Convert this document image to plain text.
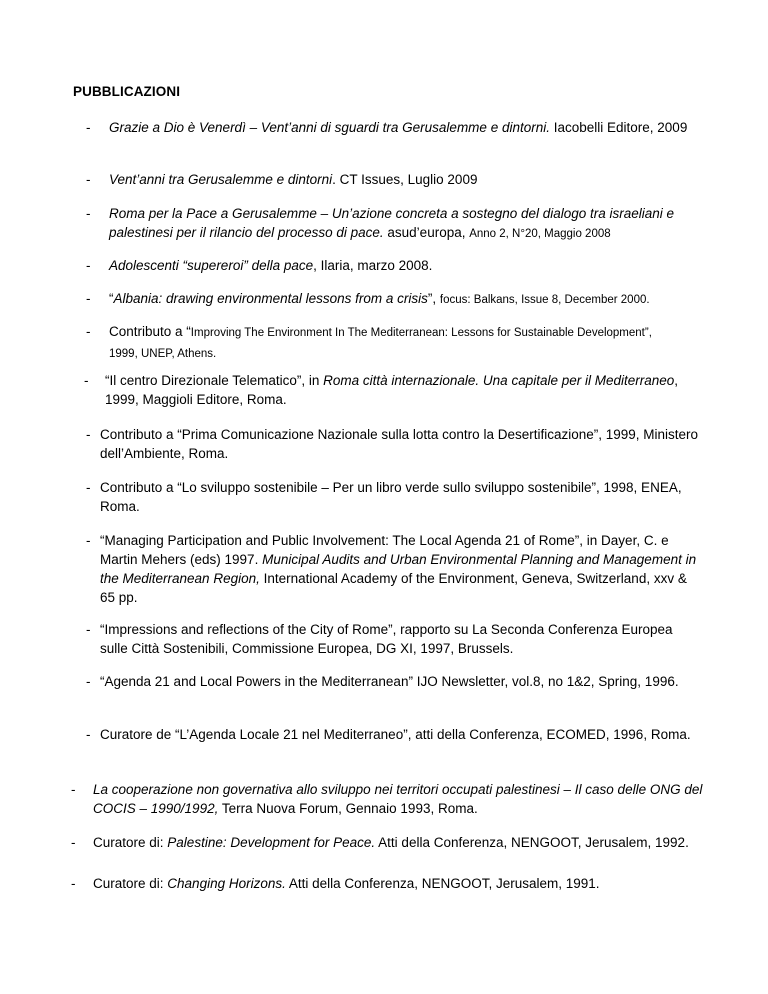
PUBBLICAZIONI
- Grazie a Dio è Venerdì – Vent’anni di sguardi tra Gerusalemme e dintorni. Iacobelli Editore, 2009
- Vent’anni tra Gerusalemme e dintorni. CT Issues, Luglio 2009
- Roma per la Pace a Gerusalemme – Un’azione concreta a sostegno del dialogo tra israeliani e palestinesi per il rilancio del processo di pace. asud’europa, Anno 2, N°20, Maggio 2008
- Adolescenti “supereroi” della pace, Ilaria, marzo 2008.
- “Albania: drawing environmental lessons from a crisis”, focus: Balkans, Issue 8, December 2000.
- Contributo a “Improving The Environment In The Mediterranean: Lessons for Sustainable Development”, 1999, UNEP, Athens.
- “Il centro Direzionale Telematico”, in Roma città internazionale. Una capitale per il Mediterraneo, 1999, Maggioli Editore, Roma.
- Contributo a “Prima Comunicazione Nazionale sulla lotta contro la Desertificazione”, 1999, Ministero dell’Ambiente, Roma.
- Contributo a “Lo sviluppo sostenibile – Per un libro verde sullo sviluppo sostenibile”, 1998, ENEA, Roma.
- “Managing Participation and Public Involvement: The Local Agenda 21 of Rome”, in Dayer, C. e Martin Mehers (eds) 1997. Municipal Audits and Urban Environmental Planning and Management in the Mediterranean Region, International Academy of the Environment, Geneva, Switzerland, xxv & 65 pp.
- “Impressions and reflections of the City of Rome”, rapporto su La Seconda Conferenza Europea sulle Città Sostenibili, Commissione Europea, DG XI, 1997, Brussels.
- “Agenda 21 and Local Powers in the Mediterranean” IJO Newsletter, vol.8, no 1&2, Spring, 1996.
- Curatore de “L’Agenda Locale 21 nel Mediterraneo”, atti della Conferenza, ECOMED, 1996, Roma.
- La cooperazione non governativa allo sviluppo nei territori occupati palestinesi – Il caso delle ONG del COCIS – 1990/1992, Terra Nuova Forum, Gennaio 1993, Roma.
- Curatore di: Palestine: Development for Peace. Atti della Conferenza, NENGOOT, Jerusalem, 1992.
- Curatore di: Changing Horizons. Atti della Conferenza, NENGOOT, Jerusalem, 1991.
